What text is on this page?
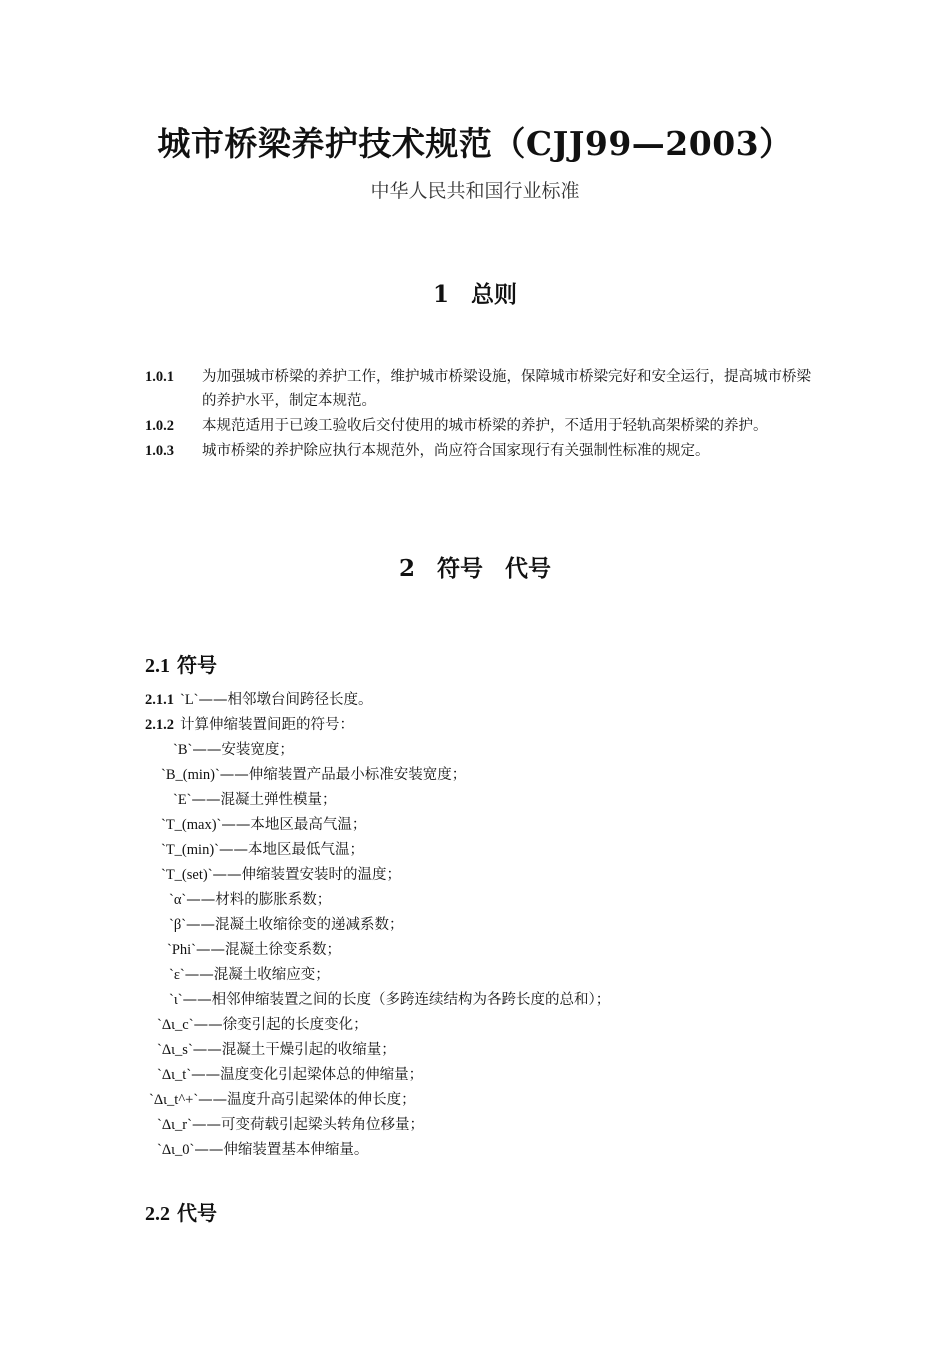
城市桥梁养护技术规范（CJJ99—2003）
中华人民共和国行业标准
1 总则
1.0.1	为加强城市桥梁的养护工作，维护城市桥梁设施，保障城市桥梁完好和安全运行，提高城市桥梁的养护水平，制定本规范。
1.0.2	本规范适用于已竣工验收后交付使用的城市桥梁的养护，不适用于轻轨高架桥梁的养护。
1.0.3	城市桥梁的养护除应执行本规范外，尚应符合国家现行有关强制性标准的规定。
2 符号 代号
2.1 符号
2.1.1 `L`——相邻墩台间跨径长度。
2.1.2 计算伸缩装置间距的符号：
`B`——安装宽度；
`B_(min)`——伸缩装置产品最小标准安装宽度；
`E`——混凝土弹性模量；
`T_(max)`——本地区最高气温；
`T_(min)`——本地区最低气温；
`T_(set)`——伸缩装置安装时的温度；
`α`——材料的膨胀系数；
`β`——混凝土收缩徐变的递减系数；
`Phi`——混凝土徐变系数；
`ε`——混凝土收缩应变；
`ι`——相邻伸缩装置之间的长度（多跨连续结构为各跨长度的总和）；
`Δι_c`——徐变引起的长度变化；
`Δι_s`——混凝土干燥引起的收缩量；
`Δι_t`——温度变化引起梁体总的伸缩量；
`Δι_t^+`——温度升高引起梁体的伸长度；
`Δι_r`——可变荷载引起梁头转角位移量；
`Δι_0`——伸缩装置基本伸缩量。
2.2 代号
